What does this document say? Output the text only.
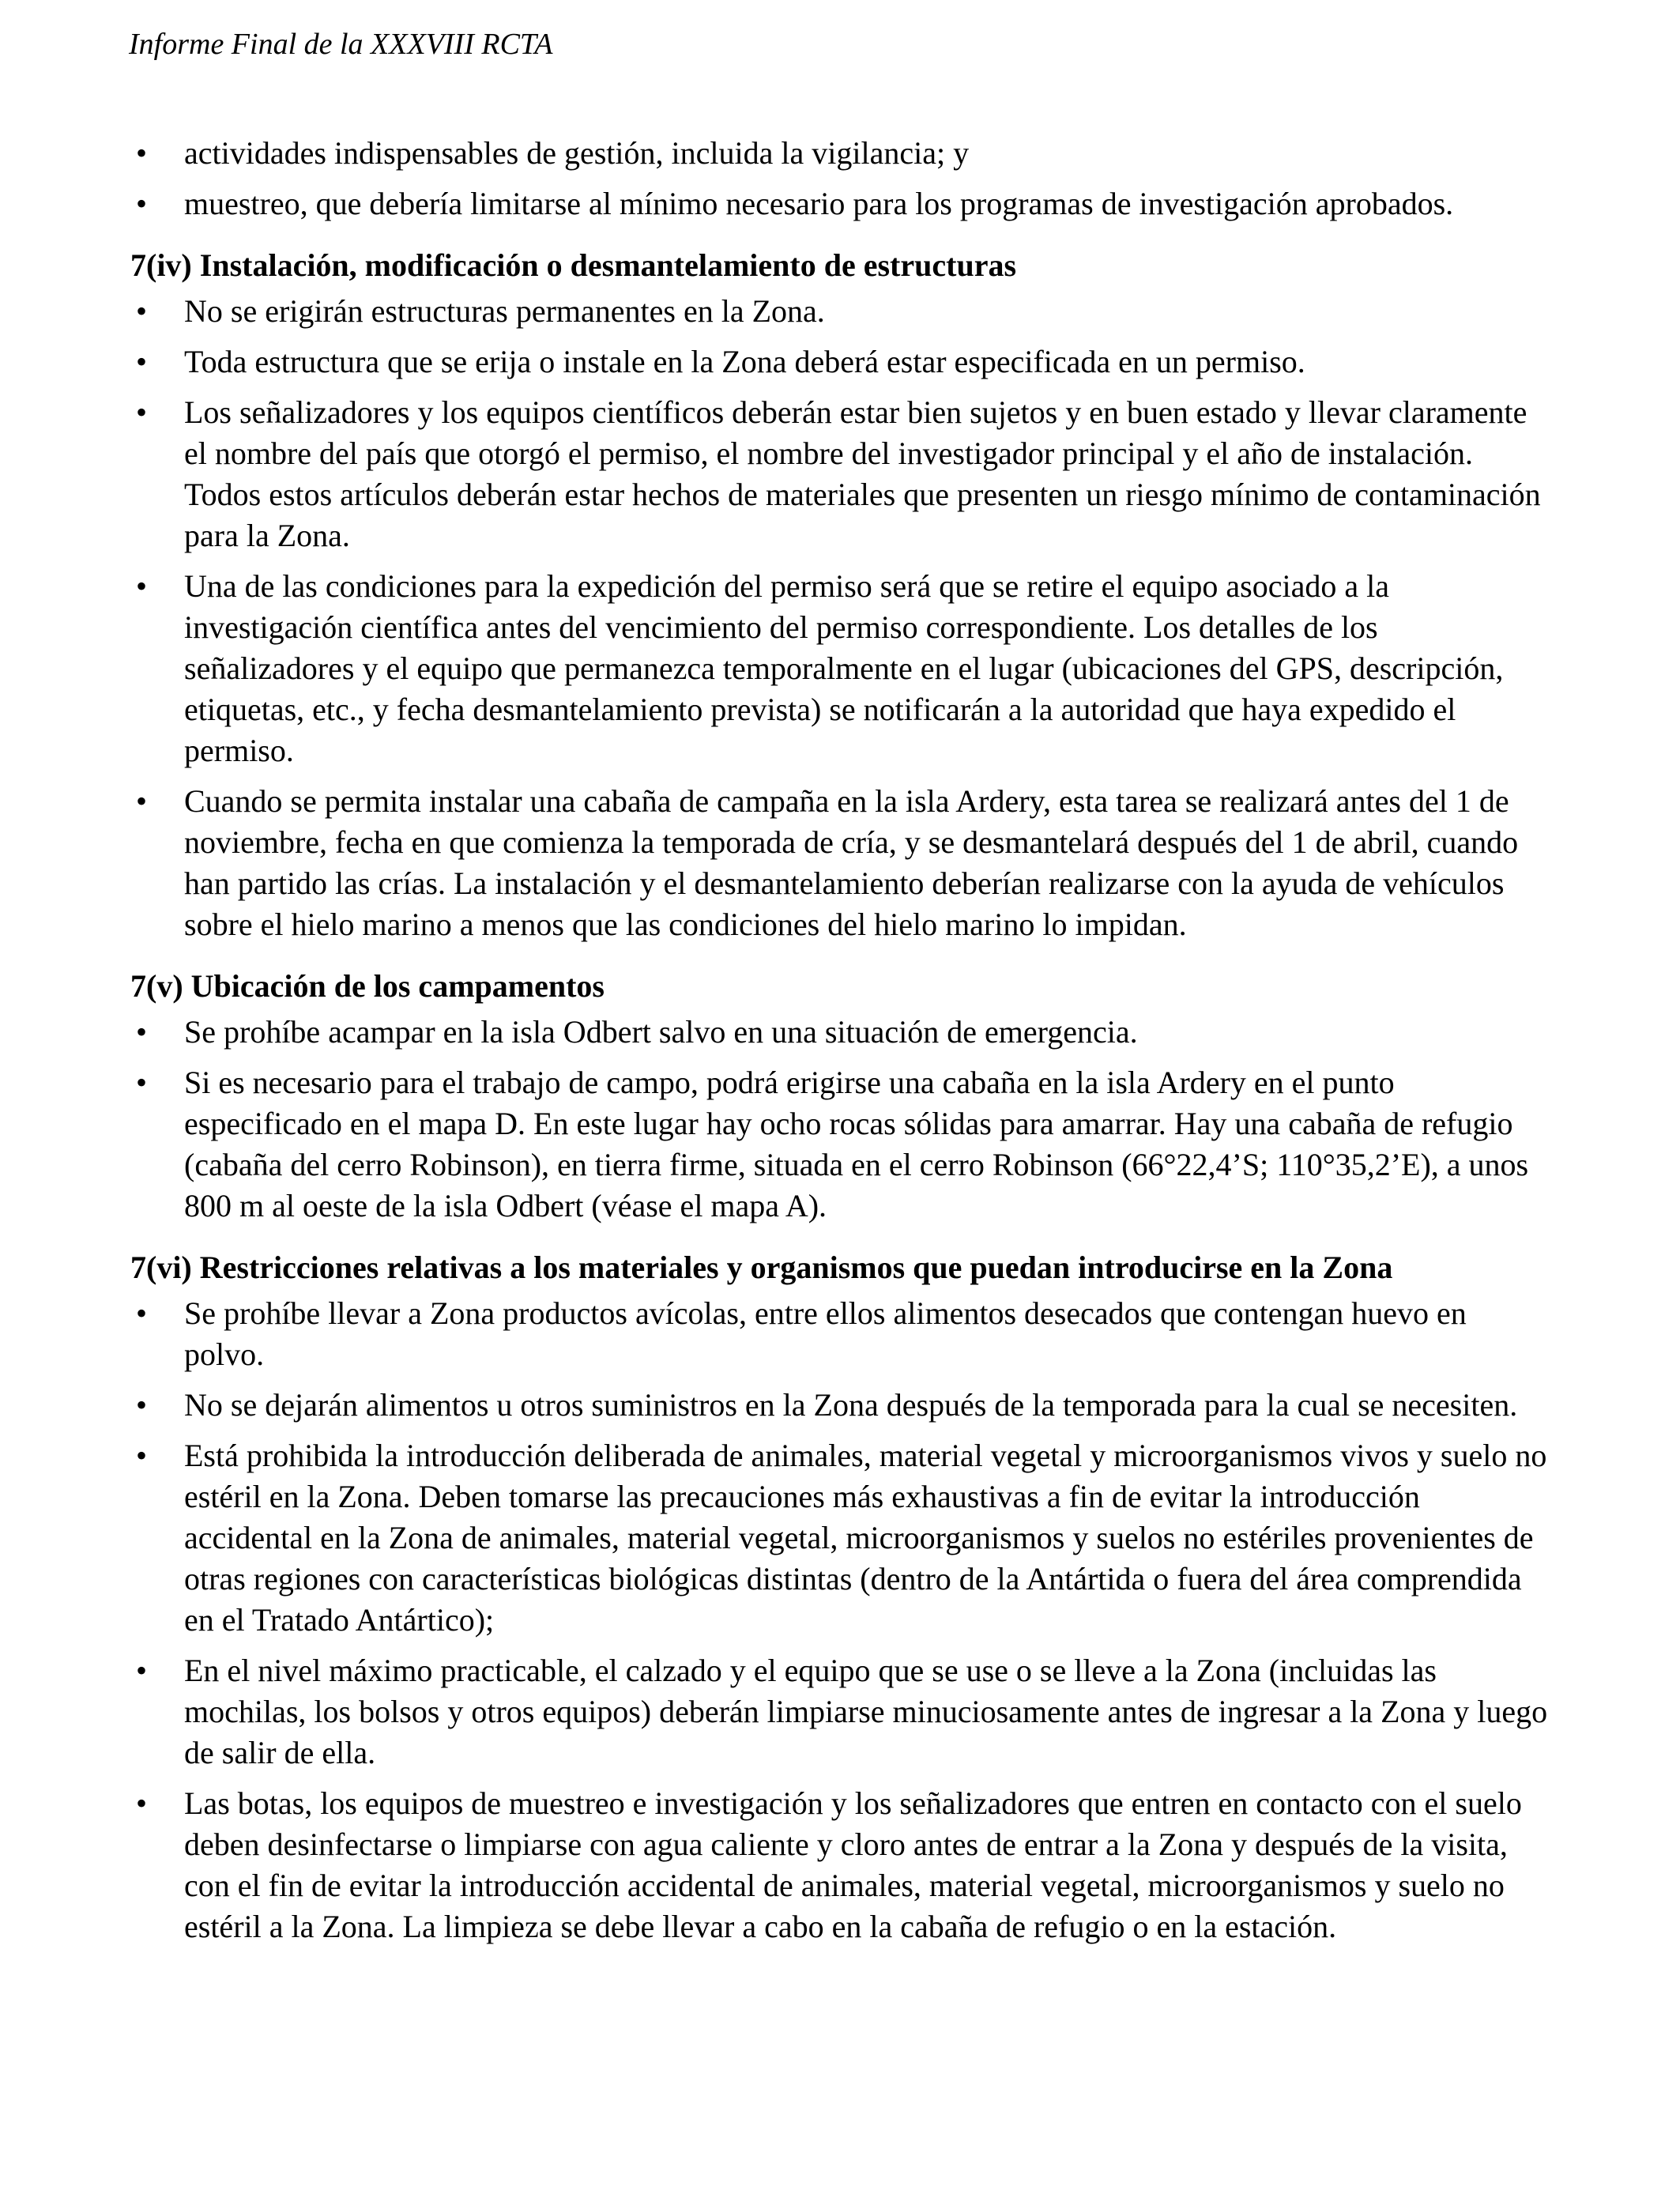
Informe Final de la XXXVIII RCTA
• actividades indispensables de gestión, incluida la vigilancia; y
• muestreo, que debería limitarse al mínimo necesario para los programas de investigación aprobados.
7(iv) Instalación, modificación o desmantelamiento de estructuras
• No se erigirán estructuras permanentes en la Zona.
• Toda estructura que se erija o instale en la Zona deberá estar especificada en un permiso.
• Los señalizadores y los equipos científicos deberán estar bien sujetos y en buen estado y llevar claramente el nombre del país que otorgó el permiso, el nombre del investigador principal y el año de instalación. Todos estos artículos deberán estar hechos de materiales que presenten un riesgo mínimo de contaminación para la Zona.
• Una de las condiciones para la expedición del permiso será que se retire el equipo asociado a la investigación científica antes del vencimiento del permiso correspondiente. Los detalles de los señalizadores y el equipo que permanezca temporalmente en el lugar (ubicaciones del GPS, descripción, etiquetas, etc., y fecha desmantelamiento prevista) se notificarán a la autoridad que haya expedido el permiso.
• Cuando se permita instalar una cabaña de campaña en la isla Ardery, esta tarea se realizará antes del 1 de noviembre, fecha en que comienza la temporada de cría, y se desmantelará después del 1 de abril, cuando han partido las crías. La instalación y el desmantelamiento deberían realizarse con la ayuda de vehículos sobre el hielo marino a menos que las condiciones del hielo marino lo impidan.
7(v) Ubicación de los campamentos
• Se prohíbe acampar en la isla Odbert salvo en una situación de emergencia.
• Si es necesario para el trabajo de campo, podrá erigirse una cabaña en la isla Ardery en el punto especificado en el mapa D. En este lugar hay ocho rocas sólidas para amarrar. Hay una cabaña de refugio (cabaña del cerro Robinson), en tierra firme, situada en el cerro Robinson (66°22,4’S; 110°35,2’E), a unos 800 m al oeste de la isla Odbert (véase el mapa A).
7(vi) Restricciones relativas a los materiales y organismos que puedan introducirse en la Zona
• Se prohíbe llevar a Zona productos avícolas, entre ellos alimentos desecados que contengan huevo en polvo.
• No se dejarán alimentos u otros suministros en la Zona después de la temporada para la cual se necesiten.
• Está prohibida la introducción deliberada de animales, material vegetal y microorganismos vivos y suelo no estéril en la Zona. Deben tomarse las precauciones más exhaustivas a fin de evitar la introducción accidental en la Zona de animales, material vegetal, microorganismos y suelos no estériles provenientes de otras regiones con características biológicas distintas (dentro de la Antártida o fuera del área comprendida en el Tratado Antártico);
• En el nivel máximo practicable, el calzado y el equipo que se use o se lleve a la Zona (incluidas las mochilas, los bolsos y otros equipos) deberán limpiarse minuciosamente antes de ingresar a la Zona y luego de salir de ella.
• Las botas, los equipos de muestreo e investigación y los señalizadores que entren en contacto con el suelo deben desinfectarse o limpiarse con agua caliente y cloro antes de entrar a la Zona y después de la visita, con el fin de evitar la introducción accidental de animales, material vegetal, microorganismos y suelo no estéril a la Zona. La limpieza se debe llevar a cabo en la cabaña de refugio o en la estación.
